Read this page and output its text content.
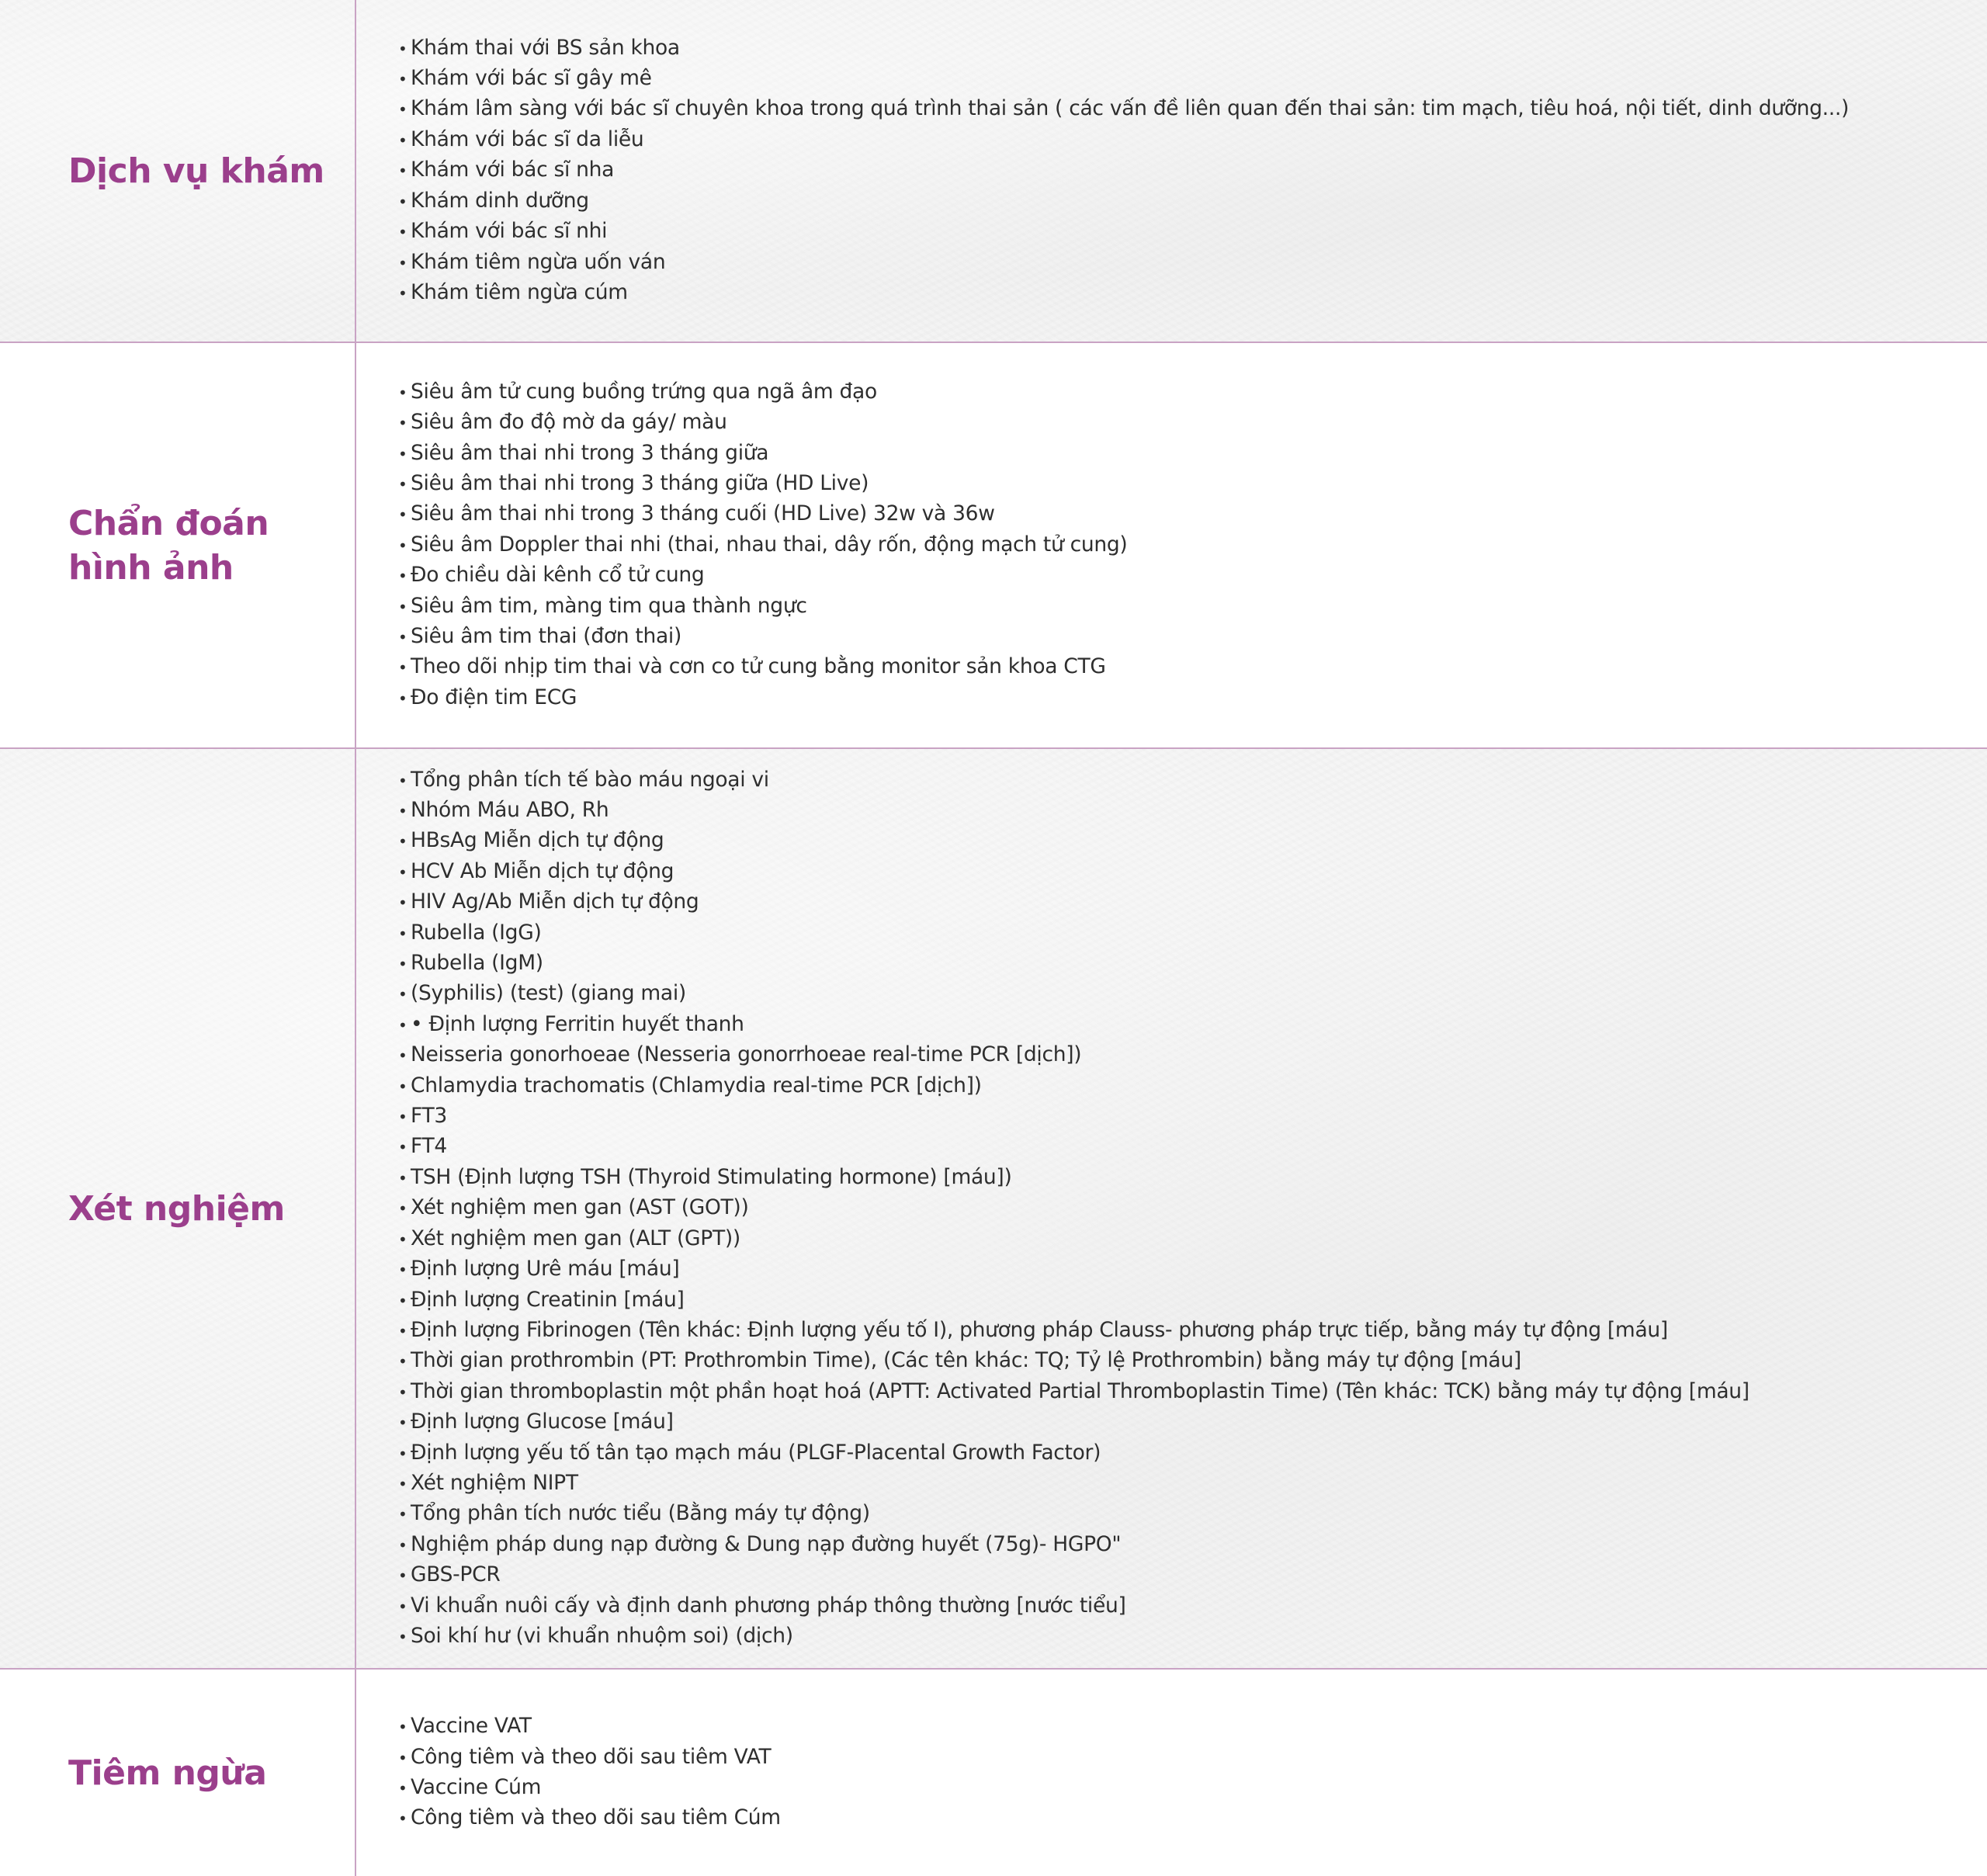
Dịch vụ khám
• Khám thai với BS sản khoa
• Khám với bác sĩ gây mê
• Khám lâm sàng với bác sĩ chuyên khoa trong quá trình thai sản ( các vấn đề liên quan đến thai sản: tim mạch, tiêu hoá, nội tiết, dinh dưỡng...)
• Khám với bác sĩ da liễu
• Khám với bác sĩ nha
• Khám dinh dưỡng
• Khám với bác sĩ nhi
• Khám tiêm ngừa uốn ván
• Khám tiêm ngừa cúm
Chẩn đoán hình ảnh
• Siêu âm tử cung buồng trứng qua ngã âm đạo
• Siêu âm đo độ mờ da gáy/ màu
• Siêu âm thai nhi trong 3 tháng giữa
• Siêu âm thai nhi trong 3 tháng giữa (HD Live)
• Siêu âm thai nhi trong 3 tháng cuối (HD Live) 32w và 36w
• Siêu âm Doppler thai nhi (thai, nhau thai, dây rốn, động mạch tử cung)
• Đo chiều dài kênh cổ tử cung
• Siêu âm tim, màng tim qua thành ngực
• Siêu âm tim thai (đơn thai)
• Theo dõi nhịp tim thai và cơn co tử cung bằng monitor sản khoa CTG
• Đo điện tim ECG
Xét nghiệm
• Tổng phân tích tế bào máu ngoại vi
• Nhóm Máu ABO, Rh
• HBsAg Miễn dịch tự động
• HCV Ab Miễn dịch tự động
• HIV Ag/Ab Miễn dịch tự động
• Rubella (IgG)
• Rubella (IgM)
• (Syphilis) (test) (giang mai)
• • Định lượng Ferritin huyết thanh
• Neisseria gonorhoeae (Nesseria gonorrhoeae real-time PCR [dịch])
• Chlamydia trachomatis (Chlamydia real-time PCR [dịch])
• FT3
• FT4
• TSH (Định lượng TSH (Thyroid Stimulating hormone) [máu])
• Xét nghiệm men gan (AST (GOT))
• Xét nghiệm men gan (ALT (GPT))
• Định lượng Urê máu [máu]
• Định lượng Creatinin [máu]
• Định lượng Fibrinogen (Tên khác: Định lượng yếu tố I), phương pháp Clauss- phương pháp trực tiếp, bằng máy tự động [máu]
• Thời gian prothrombin (PT: Prothrombin Time), (Các tên khác: TQ; Tỷ lệ Prothrombin) bằng máy tự động [máu]
• Thời gian thromboplastin một phần hoạt hoá (APTT: Activated Partial Thromboplastin Time) (Tên khác: TCK) bằng máy tự động [máu]
• Định lượng Glucose [máu]
• Định lượng yếu tố tân tạo mạch máu (PLGF-Placental Growth Factor)
• Xét nghiệm NIPT
• Tổng phân tích nước tiểu (Bằng máy tự động)
• Nghiệm pháp dung nạp đường & Dung nạp đường huyết (75g)- HGPO"
• GBS-PCR
• Vi khuẩn nuôi cấy và định danh phương pháp thông thường [nước tiểu]
• Soi khí hư (vi khuẩn nhuộm soi) (dịch)
Tiêm ngừa
• Vaccine VAT
• Công tiêm và theo dõi sau tiêm VAT
• Vaccine Cúm
• Công tiêm và theo dõi sau tiêm Cúm
